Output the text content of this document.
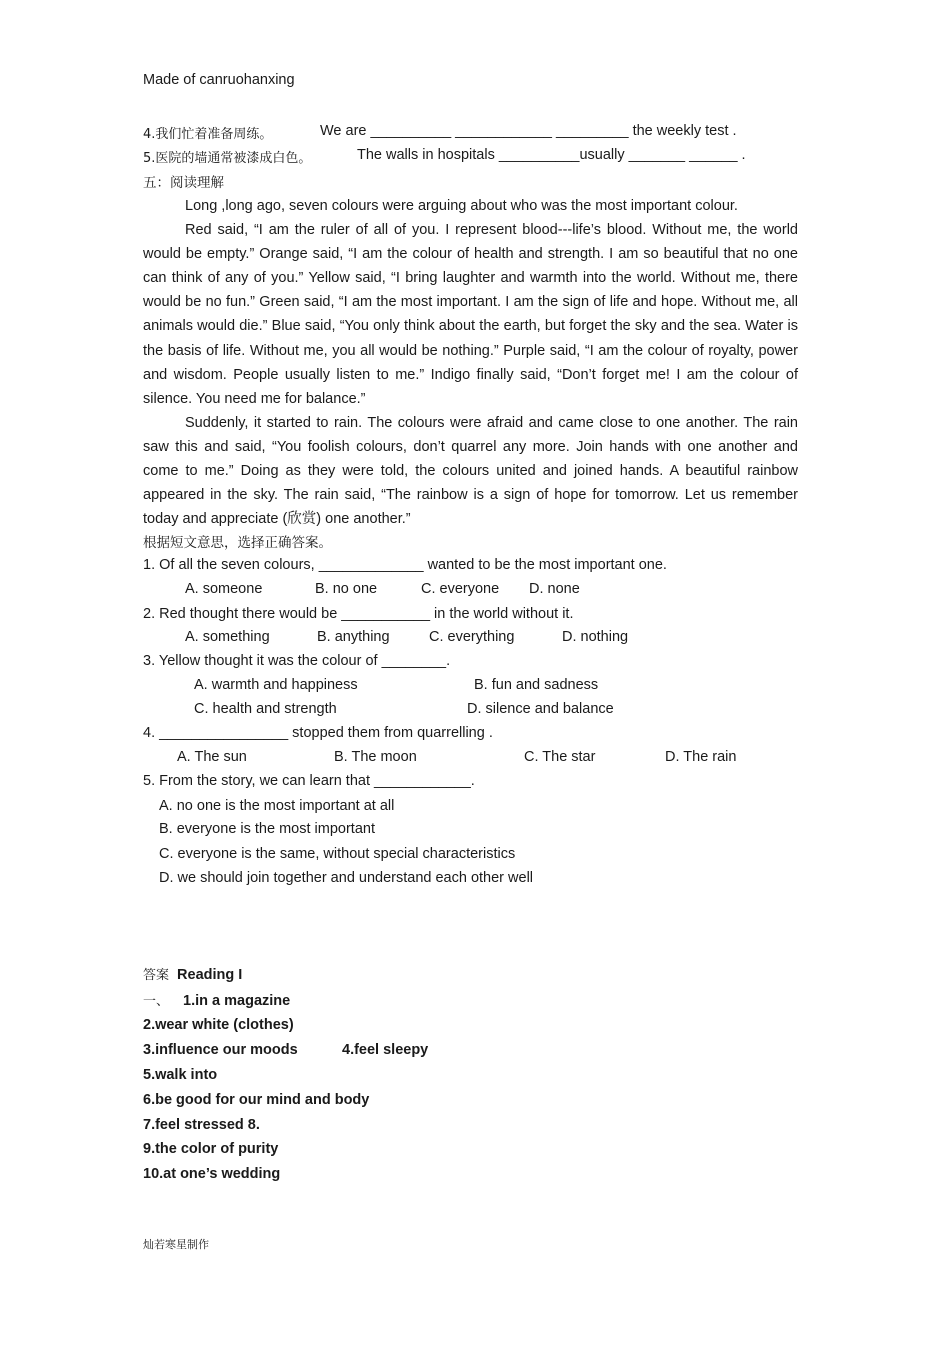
Made of canruohanxing
4.我们忙着准备周练。	We are __________ ____________ _________ the weekly test .
5.医院的墙通常被漆成白色。	The walls in hospitals __________usually _______ ______ .
五：阅读理解

Long ,long ago, seven colours were arguing about who was the most important colour.

Red said, “I am the ruler of all of you. I represent blood---life’s blood. Without me, the world would be empty.” Orange said, “I am the colour of health and strength. I am so beautiful that no one can think of any of you.” Yellow said, “I bring laughter and warmth into the world. Without me, there would be no fun.” Green said, “I am the most important. I am the sign of life and hope. Without me, all animals would die.” Blue said, “You only think about the earth, but forget the sky and the sea. Water is the basis of life. Without me, you all would be nothing.” Purple said, “I am the colour of royalty, power and wisdom. People usually listen to me.” Indigo finally said, “Don’t forget me! I am the colour of silence. You need me for balance.”

Suddenly, it started to rain. The colours were afraid and came close to one another. The rain saw this and said, “You foolish colours, don’t quarrel any more. Join hands with one another and come to me.” Doing as they were told, the colours united and joined hands. A beautiful rainbow appeared in the sky. The rain said, “The rainbow is a sign of hope for tomorrow. Let us remember today and appreciate (欣赏) one another.”

根据短文意思，选择正确答案。
1. Of all the seven colours, _____________ wanted to be the most important one.
A. someone	B. no one	C. everyone D. none
2. Red thought there would be ___________ in the world without it.
A. something	B. anything	C. everything	D. nothing
3. Yellow thought it was the colour of ________.
A. warmth and happiness	B. fun and sadness
C. health and strength	D. silence and balance
4. ________________ stopped them from quarrelling .
A. The sun	B. The moon	C. The star	D. The rain
5. From the story, we can learn that ____________.
A. no one is the most important at all
B. everyone is the most important
C. everyone is the same, without special characteristics
D. we should join together and understand each other well
答案 Reading I
一、 1.in a magazine
2.wear white (clothes)
3.influence our moods	4.feel sleepy
5.walk into
6.be good for our mind and body
7.feel stressed 8.
9.the color of purity
10.at one’s wedding
灿若寒星制作
